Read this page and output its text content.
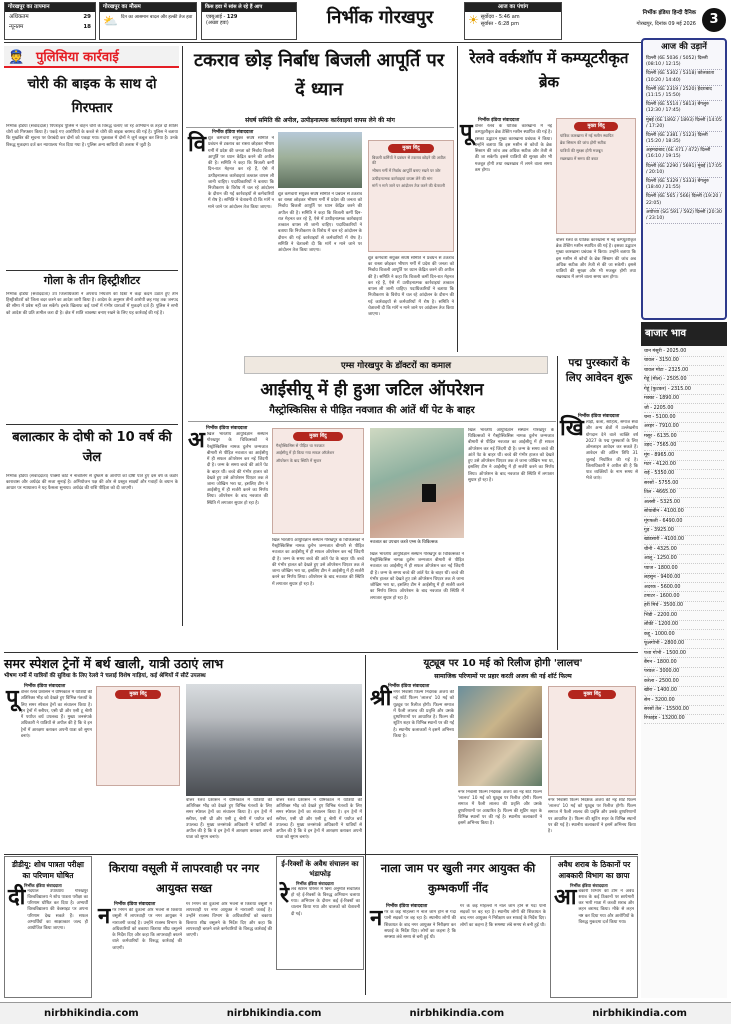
गोरखपुर का तापमान
अधिकतम	29
न्यूनतम	18
गोरखपुर का मौसम
⛅ दिन का आसमान बादल और हल्की तेज हवा
किस हवा में सांस ले रहे हैं आप
एक्यूआई - 129
(अच्छा हवा)	निर्भीक गोरखपुर	आज का पंचांग
☀ सूर्योदय - 5:46 am
सूर्यास्त - 6:28 pm
निर्भीक इंडिया हिन्दी दैनिक
गोरखपुर, दिनांक 09 मई 2026	3
👮 पुलिसिया कार्रवाई
चोरी की बाइक के साथ दो गिरफ्तार
निर्भीक इंडिया (संवाददाता) पिपराइच पुलिस ने वाहन चोरों के विरुद्ध चलाए जा रहे अभियान के तहत दो शातिर चोरों को गिरफ्तार किया है। पकड़े गए आरोपियों के कब्जे से चोरी की बाइक बरामद की गई है। पुलिस ने बताया कि मुखबिर की सूचना पर घेराबंदी कर दोनों को पकड़ा गया। पूछताछ में दोनों ने जुर्म कबूल कर लिया है। उनके विरुद्ध मुकदमा दर्ज कर न्यायालय भेज दिया गया है। पुलिस अन्य साथियों की तलाश में जुटी है।
गोला के तीन हिस्ट्रीशीटर
निर्भीक इंडिया (संवाददाता) उप जिलाधिकारी ने अपराध नियंत्रण की दिशा में कड़ा कदम उठाते हुए तीन हिस्ट्रीशीटरों को जिला बदर करने का आदेश जारी किया है। आदेश के अनुसार तीनों आरोपी छह माह तक जनपद की सीमा में प्रवेश नहीं कर सकेंगे। इनके खिलाफ कई थानों में गंभीर धाराओं में मुकदमे दर्ज हैं। पुलिस ने सभी को आदेश की प्रति तामील करा दी है। क्षेत्र में शांति व्यवस्था बनाए रखने के लिए यह कार्रवाई की गई है।
बलात्कार के दोषी को 10 वर्ष की जेल
निर्भीक इंडिया (संवाददाता) पॉक्सो कोर्ट ने नाबालिग से दुष्कर्म के आरोपी को दोषी पाते हुए दस वर्ष के कठोर कारावास और अर्थदंड की सजा सुनाई है। अभियोजन पक्ष की ओर से प्रस्तुत साक्ष्यों और गवाहों के बयान के आधार पर न्यायालय ने यह फैसला सुनाया। अर्थदंड की राशि पीड़िता को दी जाएगी।
टकराव छोड़ निर्बाध बिजली आपूर्ति पर दें ध्यान
संघर्ष समिति की अपील, उत्पीड़नात्मक कार्रवाइयां वापस लेने की मांग
निर्भीक इंडिया संवाददाता
वि द्युत कर्मचारी संयुक्त संघर्ष समिति ने प्रबंधन से टकराव का रास्ता छोड़कर भीषण गर्मी में प्रदेश की जनता को निर्बाध बिजली आपूर्ति पर ध्यान केंद्रित करने की अपील की है। समिति ने कहा कि बिजली कर्मी दिन-रात मेहनत कर रहे हैं, ऐसे में उत्पीड़नात्मक कार्रवाइयां तत्काल वापस ली जानी चाहिए। पदाधिकारियों ने बताया कि निजीकरण के विरोध में चल रहे आंदोलन के दौरान की गई कार्रवाइयों से कर्मचारियों में रोष है। समिति ने चेतावनी दी कि मांगें न माने जाने पर आंदोलन तेज किया जाएगा।
द्युत कर्मचारी संयुक्त संघर्ष समिति ने प्रबंधन से टकराव का रास्ता छोड़कर भीषण गर्मी में प्रदेश की जनता को निर्बाध बिजली आपूर्ति पर ध्यान केंद्रित करने की अपील की है। समिति ने कहा कि बिजली कर्मी दिन-रात मेहनत कर रहे हैं, ऐसे में उत्पीड़नात्मक कार्रवाइयां तत्काल वापस ली जानी चाहिए। पदाधिकारियों ने बताया कि निजीकरण के विरोध में चल रहे आंदोलन के दौरान की गई कार्रवाइयों से कर्मचारियों में रोष है। समिति ने चेतावनी दी कि मांगें न माने जाने पर आंदोलन तेज किया जाएगा।
मुख्य बिंदु

बिजली कर्मियों ने प्रबंधन से टकराव छोड़ने की अपील की

भीषण गर्मी में निर्बाध आपूर्ति बनाए रखने पर जोर

उत्पीड़नात्मक कार्रवाइयां वापस लेने की मांग

मांगें न माने जाने पर आंदोलन तेज करने की चेतावनी

द्युत कर्मचारी संयुक्त संघर्ष समिति ने प्रबंधन से टकराव का रास्ता छोड़कर भीषण गर्मी में प्रदेश की जनता को निर्बाध बिजली आपूर्ति पर ध्यान केंद्रित करने की अपील की है। समिति ने कहा कि बिजली कर्मी दिन-रात मेहनत कर रहे हैं, ऐसे में उत्पीड़नात्मक कार्रवाइयां तत्काल वापस ली जानी चाहिए। पदाधिकारियों ने बताया कि निजीकरण के विरोध में चल रहे आंदोलन के दौरान की गई कार्रवाइयों से कर्मचारियों में रोष है। समिति ने चेतावनी दी कि मांगें न माने जाने पर आंदोलन तेज किया जाएगा।
रेलवे वर्कशॉप में कम्प्यूटरीकृत ब्रेक
निर्भीक इंडिया संवाददाता
पू र्वोत्तर रेलवे के यांत्रिक कारखाना में नई कम्प्यूटरीकृत ब्रेक टेस्टिंग मशीन स्थापित की गई है। इसका उद्घाटन मुख्य कारखाना प्रबंधक ने किया। उन्होंने बताया कि इस मशीन से कोचों के ब्रेक सिस्टम की जांच अब अधिक सटीक और तेजी से की जा सकेगी। इससे यात्रियों की सुरक्षा और भी मजबूत होगी तथा रखरखाव में लगने वाला समय कम होगा।
मुख्य बिंदु

यांत्रिक कारखाना में नई मशीन स्थापित

ब्रेक सिस्टम की जांच होगी सटीक

यात्रियों की सुरक्षा होगी मजबूत

रखरखाव में समय की बचत

र्वोत्तर रेलवे के यांत्रिक कारखाना में नई कम्प्यूटरीकृत ब्रेक टेस्टिंग मशीन स्थापित की गई है। इसका उद्घाटन मुख्य कारखाना प्रबंधक ने किया। उन्होंने बताया कि इस मशीन से कोचों के ब्रेक सिस्टम की जांच अब अधिक सटीक और तेजी से की जा सकेगी। इससे यात्रियों की सुरक्षा और भी मजबूत होगी तथा रखरखाव में लगने वाला समय कम होगा।
आज की उड़ानें
दिल्ली (6E 5036 / 5052) दिल्ली (08:10 / 12:15)
दिल्ली (6E 5302 / 5318) कोलकाता (10:20 / 14:40)
दिल्ली (6E 2319 / 2520) हैदराबाद (11:15 / 15:50)
दिल्ली (6E 5514 / 5813) बेंगलुरु (12:30 / 17:45)
मुंबई (6E 1892 / 1893) दिल्ली (14:05 / 17:20)
दिल्ली (6E 2381 / 5123) दिल्ली (15:20 / 18:35)
अहमदाबाद (6E 471 / 472) दिल्ली (16:10 / 19:15)
दिल्ली (6E 2290 / 5691) मुंबई (17:05 / 20:10)
दिल्ली (6E 5329 / 5333) बेंगलुरु (18:40 / 21:55)
दिल्ली (6E 565 / 566) दिल्ली (19:20 / 22:05)
अयोध्या (SG 591 / 592) दिल्ली (20:30 / 23:10)
बाजार भाव
धान मंसूरी - 2025.00
चावल - 3150.00
चावल मोटा - 2325.00
गेहूं (मील) - 2505.00
गेहूं (फुटकर) - 2315.00
मक्का - 1890.00
जौ - 2205.00
चना - 5100.00
अरहर - 7910.00
मसूर - 6135.00
उड़द - 7565.00
मूंग - 8965.00
मटर - 4120.00
राई - 5350.00
सरसों - 5755.00
तिल - 4665.00
अलसी - 5325.00
सोयाबीन - 4100.00
मूंगफली - 6490.00
गुड़ - 3925.00
खांडसारी - 4100.00
चीनी - 4325.00
आलू - 1250.00
प्याज - 1800.00
लहसुन - 9400.00
अदरक - 5600.00
टमाटर - 1600.00
हरी मिर्च - 3500.00
भिंडी - 2200.00
लौकी - 1200.00
कद्दू - 1000.00
फूलगोभी - 2800.00
पत्ता गोभी - 1500.00
बैंगन - 1800.00
परवल - 3000.00
करेला - 2500.00
खीरा - 1400.00
सेम - 3200.00
सरसों तेल - 15500.00
रिफाइंड - 13200.00
एम्स गोरखपुर के डॉक्टरों का कमाल
आईसीयू में ही हुआ जटिल ऑपरेशन
गैस्ट्रोस्किसिस से पीड़ित नवजात की आंतें थीं पेट के बाहर
निर्भीक इंडिया संवाददाता
अ खिल भारतीय आयुर्विज्ञान संस्थान गोरखपुर के चिकित्सकों ने गैस्ट्रोस्किसिस नामक दुर्लभ जन्मजात बीमारी से पीड़ित नवजात का आईसीयू में ही सफल ऑपरेशन कर नई जिंदगी दी है। जन्म के समय बच्चे की आंतें पेट के बाहर थीं। बच्चे की गंभीर हालत को देखते हुए उसे ऑपरेशन थिएटर तक ले जाना जोखिम भरा था, इसलिए टीम ने आईसीयू में ही सर्जरी करने का निर्णय लिया। ऑपरेशन के बाद नवजात की स्थिति में लगातार सुधार हो रहा है।
मुख्य बिंदु

गैस्ट्रोस्किसिस से पीड़ित था नवजात

आईसीयू में ही किया गया सफल ऑपरेशन

ऑपरेशन के बाद स्थिति में सुधार

खिल भारतीय आयुर्विज्ञान संस्थान गोरखपुर के चिकित्सकों ने गैस्ट्रोस्किसिस नामक दुर्लभ जन्मजात बीमारी से पीड़ित नवजात का आईसीयू में ही सफल ऑपरेशन कर नई जिंदगी दी है। जन्म के समय बच्चे की आंतें पेट के बाहर थीं। बच्चे की गंभीर हालत को देखते हुए उसे ऑपरेशन थिएटर तक ले जाना जोखिम भरा था, इसलिए टीम ने आईसीयू में ही सर्जरी करने का निर्णय लिया। ऑपरेशन के बाद नवजात की स्थिति में लगातार सुधार हो रहा है।
नवजात का उपचार करते एम्स के चिकित्सक
खिल भारतीय आयुर्विज्ञान संस्थान गोरखपुर के चिकित्सकों ने गैस्ट्रोस्किसिस नामक दुर्लभ जन्मजात बीमारी से पीड़ित नवजात का आईसीयू में ही सफल ऑपरेशन कर नई जिंदगी दी है। जन्म के समय बच्चे की आंतें पेट के बाहर थीं। बच्चे की गंभीर हालत को देखते हुए उसे ऑपरेशन थिएटर तक ले जाना जोखिम भरा था, इसलिए टीम ने आईसीयू में ही सर्जरी करने का निर्णय लिया। ऑपरेशन के बाद नवजात की स्थिति में लगातार सुधार हो रहा है।
खिल भारतीय आयुर्विज्ञान संस्थान गोरखपुर के चिकित्सकों ने गैस्ट्रोस्किसिस नामक दुर्लभ जन्मजात बीमारी से पीड़ित नवजात का आईसीयू में ही सफल ऑपरेशन कर नई जिंदगी दी है। जन्म के समय बच्चे की आंतें पेट के बाहर थीं। बच्चे की गंभीर हालत को देखते हुए उसे ऑपरेशन थिएटर तक ले जाना जोखिम भरा था, इसलिए टीम ने आईसीयू में ही सर्जरी करने का निर्णय लिया। ऑपरेशन के बाद नवजात की स्थिति में लगातार सुधार हो रहा है।
पद्म पुरस्कारों के लिए आवेदन शुरू
निर्भीक इंडिया संवाददाता
खि लाड़ी, कला, साहित्य, समाज सेवा और अन्य क्षेत्रों में उल्लेखनीय योगदान देने वाले व्यक्ति वर्ष 2027 के पद्म पुरस्कारों के लिए ऑनलाइन आवेदन कर सकते हैं। आवेदन की अंतिम तिथि 31 जुलाई निर्धारित की गई है। जिलाधिकारी ने अपील की है कि पात्र व्यक्तियों के नाम समय से भेजे जाएं।
समर स्पेशल ट्रेनों में बर्थ खाली, यात्री उठाएं लाभ
भीषण गर्मी में यात्रियों की सुविधा के लिए रेलवे ने चलाई विशेष गाड़ियां, कई श्रेणियों में सीटें उपलब्ध
निर्भीक इंडिया संवाददाता
पू र्वोत्तर रेलवे प्रशासन ने ग्रीष्मकाल में यात्रियों की अतिरिक्त भीड़ को देखते हुए विभिन्न गंतव्यों के लिए समर स्पेशल ट्रेनों का संचालन किया है। इन ट्रेनों में स्लीपर, एसी थ्री और एसी टू श्रेणी में पर्याप्त बर्थ उपलब्ध हैं। मुख्य जनसंपर्क अधिकारी ने यात्रियों से अपील की है कि वे इन ट्रेनों में आरक्षण कराकर अपनी यात्रा को सुगम बनाएं।
मुख्य बिंदु
र्वोत्तर रेलवे प्रशासन ने ग्रीष्मकाल में यात्रियों की अतिरिक्त भीड़ को देखते हुए विभिन्न गंतव्यों के लिए समर स्पेशल ट्रेनों का संचालन किया है। इन ट्रेनों में स्लीपर, एसी थ्री और एसी टू श्रेणी में पर्याप्त बर्थ उपलब्ध हैं। मुख्य जनसंपर्क अधिकारी ने यात्रियों से अपील की है कि वे इन ट्रेनों में आरक्षण कराकर अपनी यात्रा को सुगम बनाएं।
र्वोत्तर रेलवे प्रशासन ने ग्रीष्मकाल में यात्रियों की अतिरिक्त भीड़ को देखते हुए विभिन्न गंतव्यों के लिए समर स्पेशल ट्रेनों का संचालन किया है। इन ट्रेनों में स्लीपर, एसी थ्री और एसी टू श्रेणी में पर्याप्त बर्थ उपलब्ध हैं। मुख्य जनसंपर्क अधिकारी ने यात्रियों से अपील की है कि वे इन ट्रेनों में आरक्षण कराकर अपनी यात्रा को सुगम बनाएं।
यूट्यूब पर 10 मई को रिलीज होगी 'लालच'
सामाजिक परिणामों पर प्रहार करती अजय की नई शॉर्ट फिल्म
निर्भीक इंडिया संवाददाता
श्री नगर निवासी फिल्म निर्देशक अजय की नई शॉर्ट फिल्म 'लालच' 10 मई को यूट्यूब पर रिलीज होगी। फिल्म समाज में फैली लालच की प्रवृत्ति और उसके दुष्परिणामों पर आधारित है। फिल्म की शूटिंग शहर के विभिन्न स्थानों पर की गई है। स्थानीय कलाकारों ने इसमें अभिनय किया है।
मुख्य बिंदु
नगर निवासी फिल्म निर्देशक अजय की नई शॉर्ट फिल्म 'लालच' 10 मई को यूट्यूब पर रिलीज होगी। फिल्म समाज में फैली लालच की प्रवृत्ति और उसके दुष्परिणामों पर आधारित है। फिल्म की शूटिंग शहर के विभिन्न स्थानों पर की गई है। स्थानीय कलाकारों ने इसमें अभिनय किया है।
नगर निवासी फिल्म निर्देशक अजय की नई शॉर्ट फिल्म 'लालच' 10 मई को यूट्यूब पर रिलीज होगी। फिल्म समाज में फैली लालच की प्रवृत्ति और उसके दुष्परिणामों पर आधारित है। फिल्म की शूटिंग शहर के विभिन्न स्थानों पर की गई है। स्थानीय कलाकारों ने इसमें अभिनय किया है।
डीडीयू: शोध पात्रता परीक्षा का परिणाम घोषित
निर्भीक इंडिया संवाददाता
दी नदयाल उपाध्याय गोरखपुर विश्वविद्यालय ने शोध पात्रता परीक्षा का परिणाम घोषित कर दिया है। अभ्यर्थी विश्वविद्यालय की वेबसाइट पर अपना परिणाम देख सकते हैं। सफल अभ्यर्थियों का साक्षात्कार जल्द ही आयोजित किया जाएगा।
किराया वसूली में लापरवाही पर नगर आयुक्त सख्त
निर्भीक इंडिया संवाददाता
न गर निगम की दुकानों और भवनों से किराया वसूली में लापरवाही पर नगर आयुक्त ने नाराजगी जताई है। उन्होंने राजस्व विभाग के अधिकारियों को बकाया किराया शीघ्र वसूलने के निर्देश दिए और कहा कि लापरवाही बरतने वाले कर्मचारियों के विरुद्ध कार्रवाई की जाएगी।
गर निगम की दुकानों और भवनों से किराया वसूली में लापरवाही पर नगर आयुक्त ने नाराजगी जताई है। उन्होंने राजस्व विभाग के अधिकारियों को बकाया किराया शीघ्र वसूलने के निर्देश दिए और कहा कि लापरवाही बरतने वाले कर्मचारियों के विरुद्ध कार्रवाई की जाएगी।
ई-रिक्शों के अवैध संचालन का भंडाफोड़
निर्भीक इंडिया संवाददाता
रे लवे स्टेशन परिसर में बिना अनुमति संचालित हो रहे ई-रिक्शों के विरुद्ध अभियान चलाया गया। अभियान के दौरान कई ई-रिक्शों का चालान किया गया और चालकों को चेतावनी दी गई।
नाला जाम पर खुली नगर आयुक्त की कुम्भकर्णी नींद
निर्भीक इंडिया संवाददाता
न गर के कई मोहल्लों में नाले जाम होने से गंदा पानी सड़कों पर बह रहा है। स्थानीय लोगों की शिकायत के बाद नगर आयुक्त ने निरीक्षण कर सफाई के निर्देश दिए। लोगों का कहना है कि समस्या लंबे समय से बनी हुई थी।
गर के कई मोहल्लों में नाले जाम होने से गंदा पानी सड़कों पर बह रहा है। स्थानीय लोगों की शिकायत के बाद नगर आयुक्त ने निरीक्षण कर सफाई के निर्देश दिए। लोगों का कहना है कि समस्या लंबे समय से बनी हुई थी।
अवैध शराब के ठिकानों पर आबकारी विभाग का छापा
निर्भीक इंडिया संवाददाता
आ बकारी विभाग की टीम ने अवैध शराब के कई ठिकानों पर छापेमारी कर भारी मात्रा में कच्ची शराब और लहन बरामद किया। मौके से लहन नष्ट कर दिया गया और आरोपियों के विरुद्ध मुकदमा दर्ज किया गया।
nirbhikindia.com	nirbhikindia.com	nirbhikindia.com	nirbhikindia.com
